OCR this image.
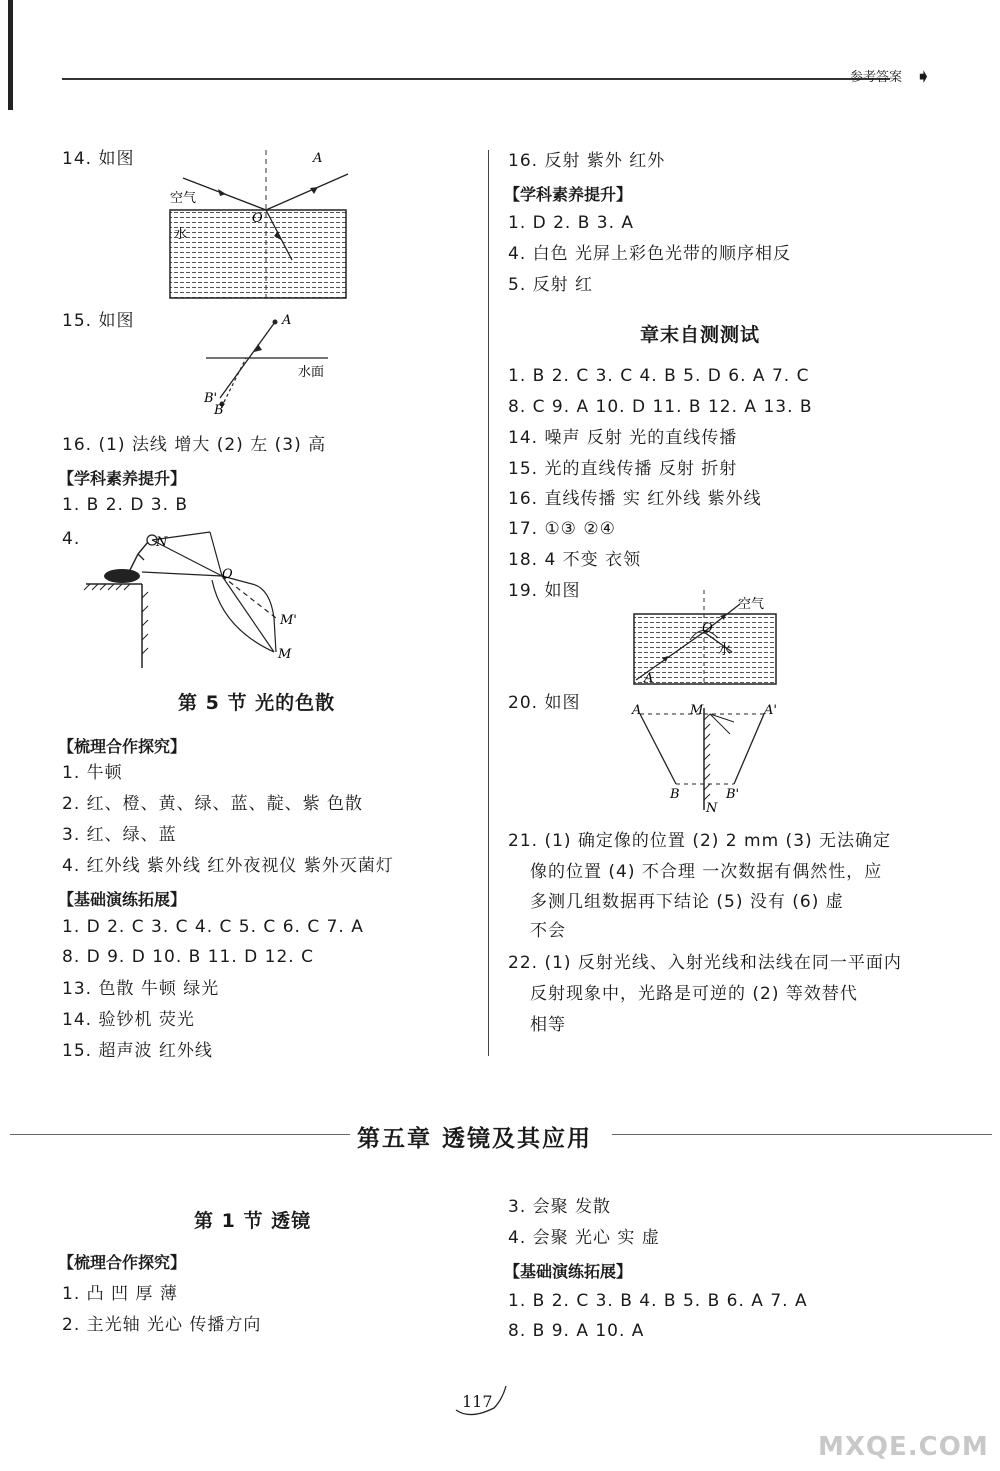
参考答案 ➧
14. 如图	A
O
空气
水
15. 如图	A
B'
B
水面
16. (1) 法线 增大 (2) 左 (3) 高
【学科素养提升】
1. B 2. D 3. B
4.	N
O
M'
M
第 5 节 光的色散
【梳理合作探究】
1. 牛顿
2. 红、橙、黄、绿、蓝、靛、紫 色散
3. 红、绿、蓝
4. 红外线 紫外线 红外夜视仪 紫外灭菌灯
【基础演练拓展】
1. D 2. C 3. C 4. C 5. C 6. C 7. A
8. D 9. D 10. B 11. D 12. C
13. 色散 牛顿 绿光
14. 验钞机 荧光
15. 超声波 红外线
16. 反射 紫外 红外
【学科素养提升】
1. D 2. B 3. A
4. 白色 光屏上彩色光带的顺序相反
5. 反射 红
章末自测测试
1. B 2. C 3. C 4. B 5. D 6. A 7. C
8. C 9. A 10. D 11. B 12. A 13. B
14. 噪声 反射 光的直线传播
15. 光的直线传播 反射 折射
16. 直线传播 实 红外线 紫外线
17. ①③ ②④
18. 4 不变 衣领
19. 如图
空气
O
水
A
20. 如图	A	A'
M
B	B'
N
21. (1) 确定像的位置 (2) 2 mm (3) 无法确定
像的位置 (4) 不合理 一次数据有偶然性，应
多测几组数据再下结论 (5) 没有 (6) 虚
不会
22. (1) 反射光线、入射光线和法线在同一平面内
反射现象中，光路是可逆的 (2) 等效替代
相等
第五章 透镜及其应用
第 1 节 透镜
【梳理合作探究】
1. 凸 凹 厚 薄
2. 主光轴 光心 传播方向
3. 会聚 发散
4. 会聚 光心 实 虚
【基础演练拓展】
1. B 2. C 3. B 4. B 5. B 6. A 7. A
8. B 9. A 10. A
117
MXQE.COM
